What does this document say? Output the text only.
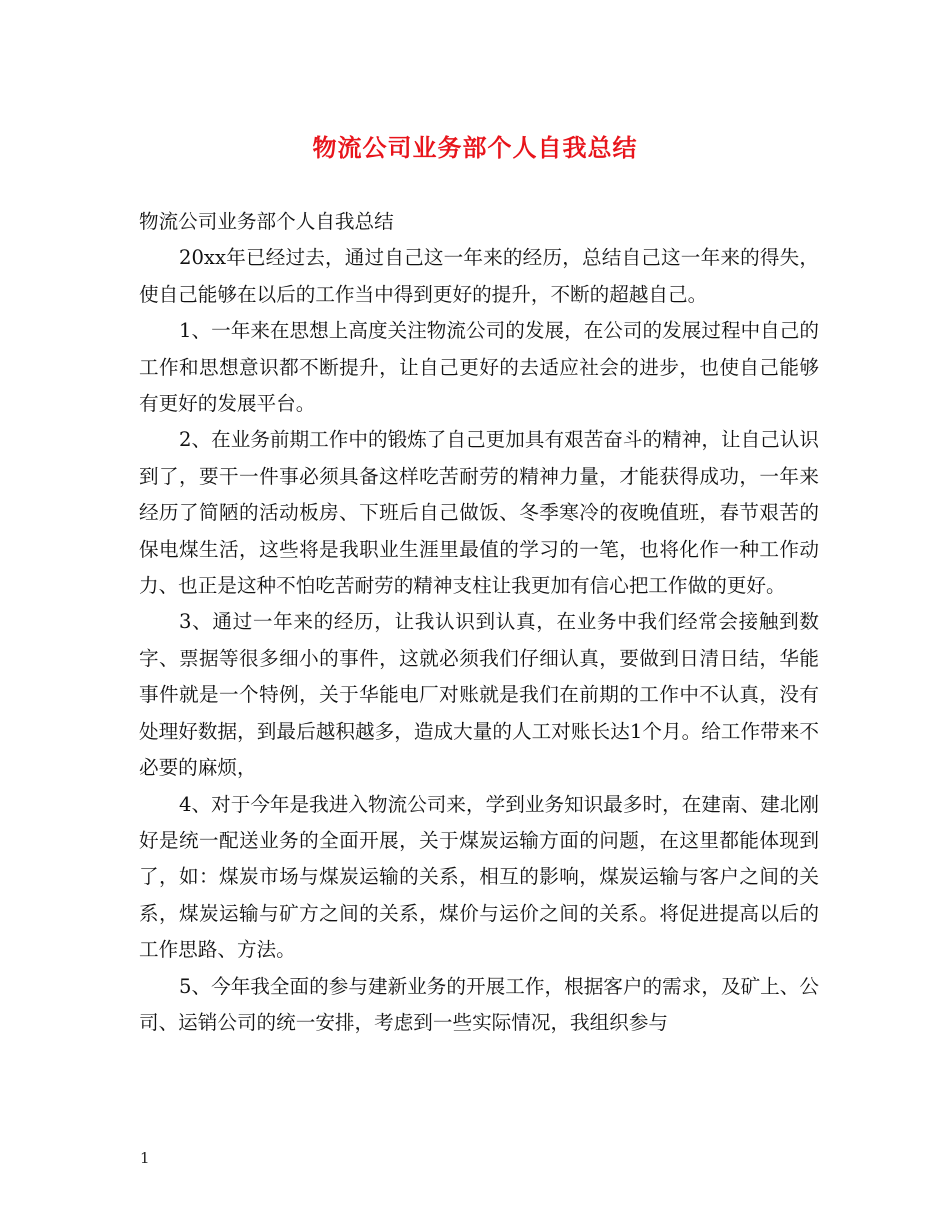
物流公司业务部个人自我总结

物流公司业务部个人自我总结

20xx年已经过去，通过自己这一年来的经历，总结自己这一年来的得失，使自己能够在以后的工作当中得到更好的提升，不断的超越自己。

1、一年来在思想上高度关注物流公司的发展，在公司的发展过程中自己的工作和思想意识都不断提升，让自己更好的去适应社会的进步，也使自己能够有更好的发展平台。

2、在业务前期工作中的锻炼了自己更加具有艰苦奋斗的精神，让自己认识到了，要干一件事必须具备这样吃苦耐劳的精神力量，才能获得成功，一年来经历了简陋的活动板房、下班后自己做饭、冬季寒冷的夜晚值班，春节艰苦的保电煤生活，这些将是我职业生涯里最值的学习的一笔，也将化作一种工作动力、也正是这种不怕吃苦耐劳的精神支柱让我更加有信心把工作做的更好。

3、通过一年来的经历，让我认识到认真，在业务中我们经常会接触到数字、票据等很多细小的事件，这就必须我们仔细认真，要做到日清日结，华能事件就是一个特例，关于华能电厂对账就是我们在前期的工作中不认真，没有处理好数据，到最后越积越多，造成大量的人工对账长达1个月。给工作带来不必要的麻烦，

4、对于今年是我进入物流公司来，学到业务知识最多时，在建南、建北刚好是统一配送业务的全面开展，关于煤炭运输方面的问题，在这里都能体现到了，如：煤炭市场与煤炭运输的关系，相互的影响，煤炭运输与客户之间的关系，煤炭运输与矿方之间的关系，煤价与运价之间的关系。将促进提高以后的工作思路、方法。

5、今年我全面的参与建新业务的开展工作，根据客户的需求，及矿上、公司、运销公司的统一安排，考虑到一些实际情况，我组织参与

1
